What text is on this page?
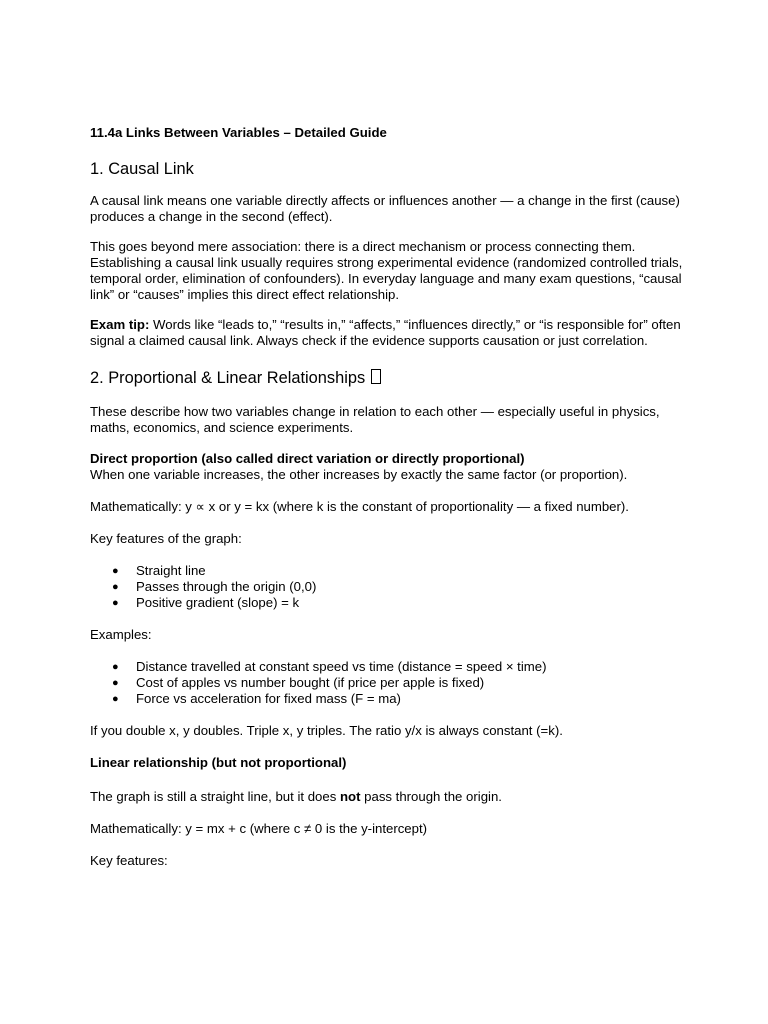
11.4a Links Between Variables – Detailed Guide

1. Causal Link

A causal link means one variable directly affects or influences another — a change in the first (cause) produces a change in the second (effect).

This goes beyond mere association: there is a direct mechanism or process connecting them. Establishing a causal link usually requires strong experimental evidence (randomized controlled trials, temporal order, elimination of confounders). In everyday language and many exam questions, “causal link” or “causes” implies this direct effect relationship.

Exam tip: Words like “leads to,” “results in,” “affects,” “influences directly,” or “is responsible for” often signal a claimed causal link. Always check if the evidence supports causation or just correlation.

2. Proportional & Linear Relationships

These describe how two variables change in relation to each other — especially useful in physics, maths, economics, and science experiments.

Direct proportion (also called direct variation or directly proportional)

When one variable increases, the other increases by exactly the same factor (or proportion).

Mathematically: y ∝ x or y = kx (where k is the constant of proportionality — a fixed number).

Key features of the graph:

● Straight line
● Passes through the origin (0,0)
● Positive gradient (slope) = k

Examples:

● Distance travelled at constant speed vs time (distance = speed × time)
● Cost of apples vs number bought (if price per apple is fixed)
● Force vs acceleration for fixed mass (F = ma)

If you double x, y doubles. Triple x, y triples. The ratio y/x is always constant (=k).

Linear relationship (but not proportional)

The graph is still a straight line, but it does not pass through the origin.

Mathematically: y = mx + c (where c ≠ 0 is the y-intercept)

Key features:
